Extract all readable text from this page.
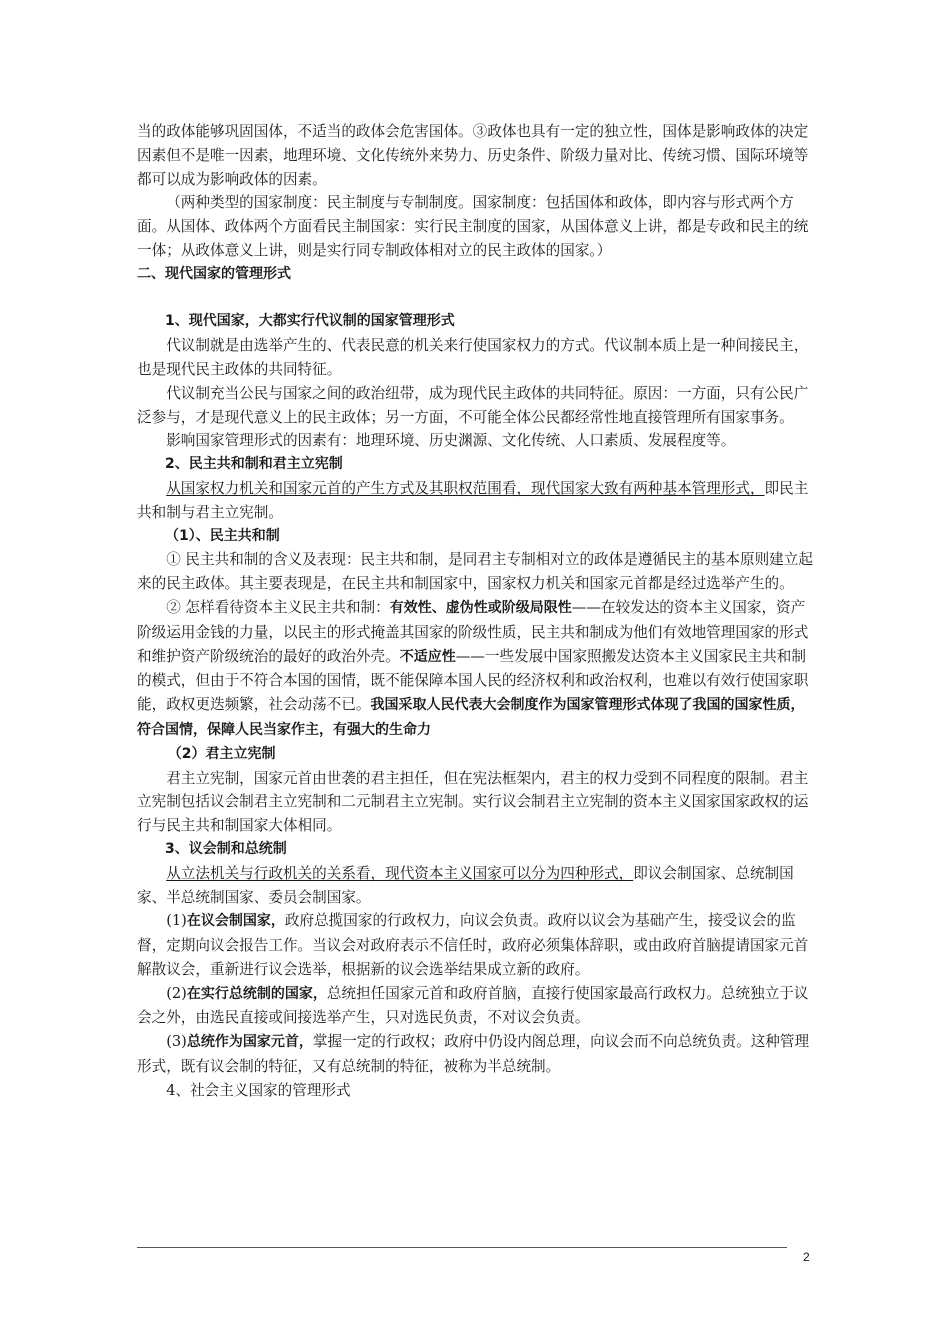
当的政体能够巩固国体，不适当的政体会危害国体。③政体也具有一定的独立性，国体是影响政体的决定因素但不是唯一因素，地理环境、文化传统外来势力、历史条件、阶级力量对比、传统习惯、国际环境等都可以成为影响政体的因素。

（两种类型的国家制度：民主制度与专制制度。国家制度：包括国体和政体，即内容与形式两个方面。从国体、政体两个方面看民主制国家：实行民主制度的国家，从国体意义上讲，都是专政和民主的统一体；从政体意义上讲，则是实行同专制政体相对立的民主政体的国家。）

二、现代国家的管理形式

1、现代国家，大都实行代议制的国家管理形式

代议制就是由选举产生的、代表民意的机关来行使国家权力的方式。代议制本质上是一种间接民主，也是现代民主政体的共同特征。

代议制充当公民与国家之间的政治纽带，成为现代民主政体的共同特征。原因：一方面，只有公民广泛参与，才是现代意义上的民主政体；另一方面，不可能全体公民都经常性地直接管理所有国家事务。

影响国家管理形式的因素有：地理环境、历史渊源、文化传统、人口素质、发展程度等。

2、民主共和制和君主立宪制

从国家权力机关和国家元首的产生方式及其职权范围看，现代国家大致有两种基本管理形式，即民主共和制与君主立宪制。

（1）、民主共和制

① 民主共和制的含义及表现：民主共和制，是同君主专制相对立的政体是遵循民主的基本原则建立起来的民主政体。其主要表现是，在民主共和制国家中，国家权力机关和国家元首都是经过选举产生的。

② 怎样看待资本主义民主共和制：有效性、虚伪性或阶级局限性——在较发达的资本主义国家，资产阶级运用金钱的力量，以民主的形式掩盖其国家的阶级性质，民主共和制成为他们有效地管理国家的形式和维护资产阶级统治的最好的政治外壳。不适应性——一些发展中国家照搬发达资本主义国家民主共和制的模式，但由于不符合本国的国情，既不能保障本国人民的经济权利和政治权利，也难以有效行使国家职能，政权更迭频繁，社会动荡不已。我国采取人民代表大会制度作为国家管理形式体现了我国的国家性质，符合国情，保障人民当家作主，有强大的生命力

（2）君主立宪制

君主立宪制，国家元首由世袭的君主担任，但在宪法框架内，君主的权力受到不同程度的限制。君主立宪制包括议会制君主立宪制和二元制君主立宪制。实行议会制君主立宪制的资本主义国家国家政权的运行与民主共和制国家大体相同。

3、议会制和总统制

从立法机关与行政机关的关系看，现代资本主义国家可以分为四种形式，即议会制国家、总统制国家、半总统制国家、委员会制国家。

(1)在议会制国家，政府总揽国家的行政权力，向议会负责。政府以议会为基础产生，接受议会的监督，定期向议会报告工作。当议会对政府表示不信任时，政府必须集体辞职，或由政府首脑提请国家元首解散议会，重新进行议会选举，根据新的议会选举结果成立新的政府。

(2)在实行总统制的国家，总统担任国家元首和政府首脑，直接行使国家最高行政权力。总统独立于议会之外，由选民直接或间接选举产生，只对选民负责，不对议会负责。

(3)总统作为国家元首，掌握一定的行政权；政府中仍设内阁总理，向议会而不向总统负责。这种管理形式，既有议会制的特征，又有总统制的特征，被称为半总统制。

4、社会主义国家的管理形式

2
